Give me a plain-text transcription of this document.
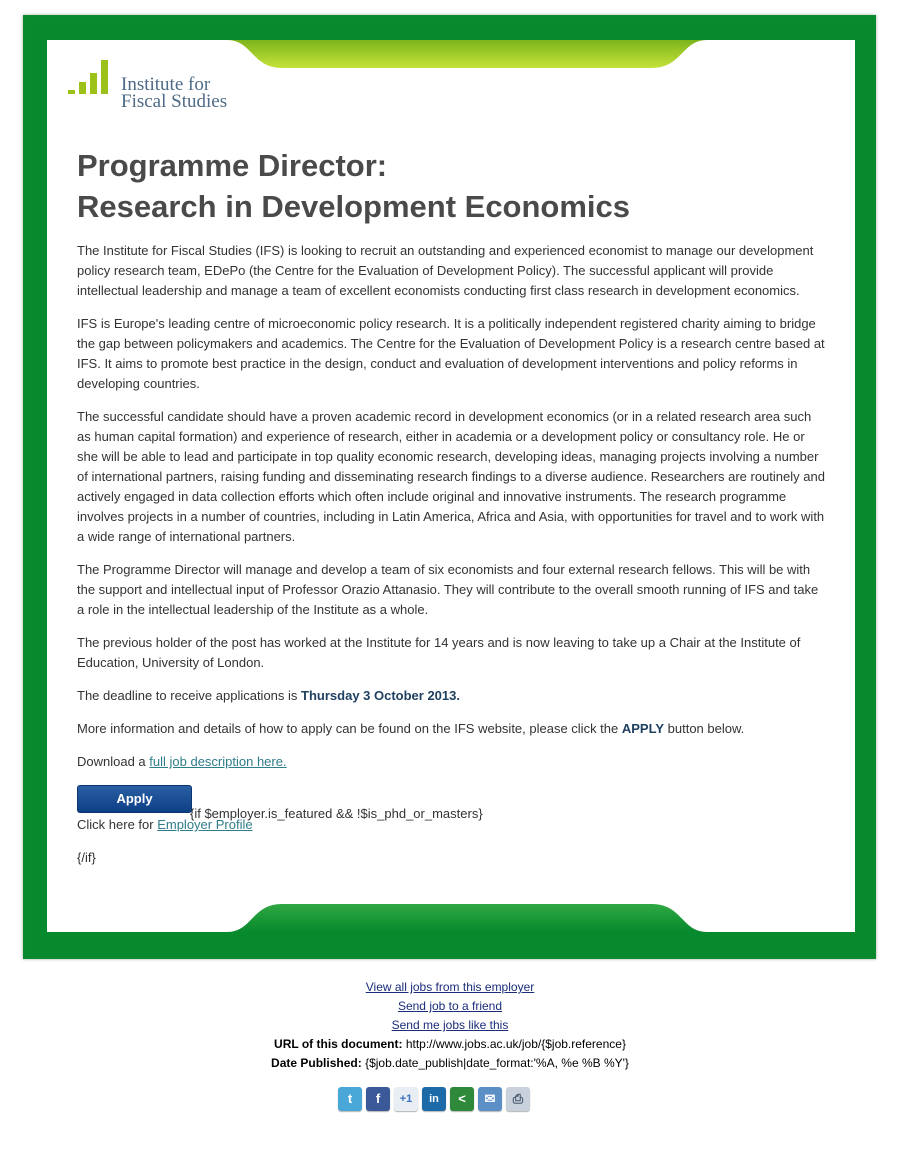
Institute for
Fiscal Studies
Programme Director:
Research in Development Economics

The Institute for Fiscal Studies (IFS) is looking to recruit an outstanding and experienced economist to manage our development policy research team, EDePo (the Centre for the Evaluation of Development Policy). The successful applicant will provide intellectual leadership and manage a team of excellent economists conducting first class research in development economics.

IFS is Europe's leading centre of microeconomic policy research. It is a politically independent registered charity aiming to bridge the gap between policymakers and academics. The Centre for the Evaluation of Development Policy is a research centre based at IFS. It aims to promote best practice in the design, conduct and evaluation of development interventions and policy reforms in developing countries.

The successful candidate should have a proven academic record in development economics (or in a related research area such as human capital formation) and experience of research, either in academia or a development policy or consultancy role. He or she will be able to lead and participate in top quality economic research, developing ideas, managing projects involving a number of international partners, raising funding and disseminating research findings to a diverse audience. Researchers are routinely and actively engaged in data collection efforts which often include original and innovative instruments. The research programme involves projects in a number of countries, including in Latin America, Africa and Asia, with opportunities for travel and to work with a wide range of international partners.

The Programme Director will manage and develop a team of six economists and four external research fellows. This will be with the support and intellectual input of Professor Orazio Attanasio. They will contribute to the overall smooth running of IFS and take a role in the intellectual leadership of the Institute as a whole.

The previous holder of the post has worked at the Institute for 14 years and is now leaving to take up a Chair at the Institute of Education, University of London.

The deadline to receive applications is Thursday 3 October 2013.

More information and details of how to apply can be found on the IFS website, please click the APPLY button below.

Download a full job description here.

Apply
{if $employer.is_featured && !$is_phd_or_masters}

Click here for Employer Profile

{/if}

View all jobs from this employer
Send job to a friend
Send me jobs like this
URL of this document: http://www.jobs.ac.uk/job/{$job.reference}
Date Published: {$job.date_publish|date_format:'%A, %e %B %Y'}
t	f	+1	in	<	✉	⎙
